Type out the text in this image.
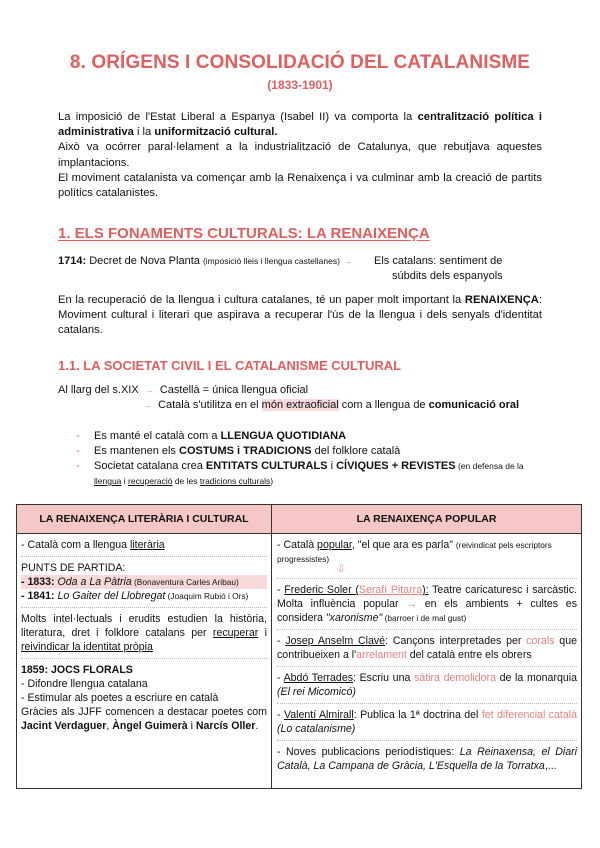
8. ORÍGENS I CONSOLIDACIÓ DEL CATALANISME
(1833-1901)

La imposició de l'Estat Liberal a Espanya (Isabel II) va comporta la centralització política i administrativa i la uniformització cultural.

Això va ocórrer paral·lelament a la industrialització de Catalunya, que rebutjava aquestes implantacions.

El moviment catalanista va començar amb la Renaixença i va culminar amb la creació de partits polítics catalanistes.

1. ELS FONAMENTS CULTURALS: LA RENAIXENÇA
1714: Decret de Nova Planta (imposició lleis i llengua castellanes) → Els catalans: sentiment de
súbdits dels espanyols

En la recuperació de la llengua i cultura catalanes, té un paper molt important la RENAIXENÇA: Moviment cultural i literari que aspirava a recuperar l'ús de la llengua i dels senyals d'identitat catalans.

1.1. LA SOCIETAT CIVIL I EL CATALANISME CULTURAL
Al llarg del s.XIX → Castellà = única llengua oficial
→ Català s'utilitza en el món extraoficial com a llengua de comunicació oral
- Es manté el català com a LLENGUA QUOTIDIANA
- Es mantenen els COSTUMS i TRADICIONS del folklore català
- Societat catalana crea ENTITATS CULTURALS i CÍVIQUES + REVISTES (en defensa de la llengua i recuperació de les tradicions culturals)
LA RENAIXENÇA LITERÀRIA I CULTURAL	LA RENAIXENÇA POPULAR
- Català com a llengua literària
PUNTS DE PARTIDA:
- 1833: Oda a La Pàtria (Bonaventura Carles Aribau)
- 1841: Lo Gaiter del Llobregat (Joaquim Rubió i Ors)
Molts intel·lectuals i erudits estudien la història, literatura, dret i folklore catalans per recuperar i reivindicar la identitat pròpia
1859: JOCS FLORALS
- Difondre llengua catalana
- Estimular als poetes a escriure en català
Gràcies als JJFF comencen a destacar poetes com Jacint Verdaguer, Àngel Guimerà i Narcís Oller.
- Català popular, "el que ara es parla" (reivindicat pels escriptors progressistes)
⇩
- Frederic Soler (Serafí Pitarra): Teatre caricaturesc i sarcàstic. Molta influència popular → en els ambients + cultes es considera "xaronisme" (barroer i de mal gust)
- Josep Anselm Clavé: Cançons interpretades per corals que contribueixen a l'arrelament del català entre els obrers
- Abdó Terrades: Escriu una sàtira demolidora de la monarquia (El rei Micomicó)
- Valentí Almirall: Publica la 1ª doctrina del fet diferencial català (Lo catalanisme)
- Noves publicacions periodístiques: La Reinaxensa, el Diari Català, La Campana de Gràcia, L'Esquella de la Torratxa,...
